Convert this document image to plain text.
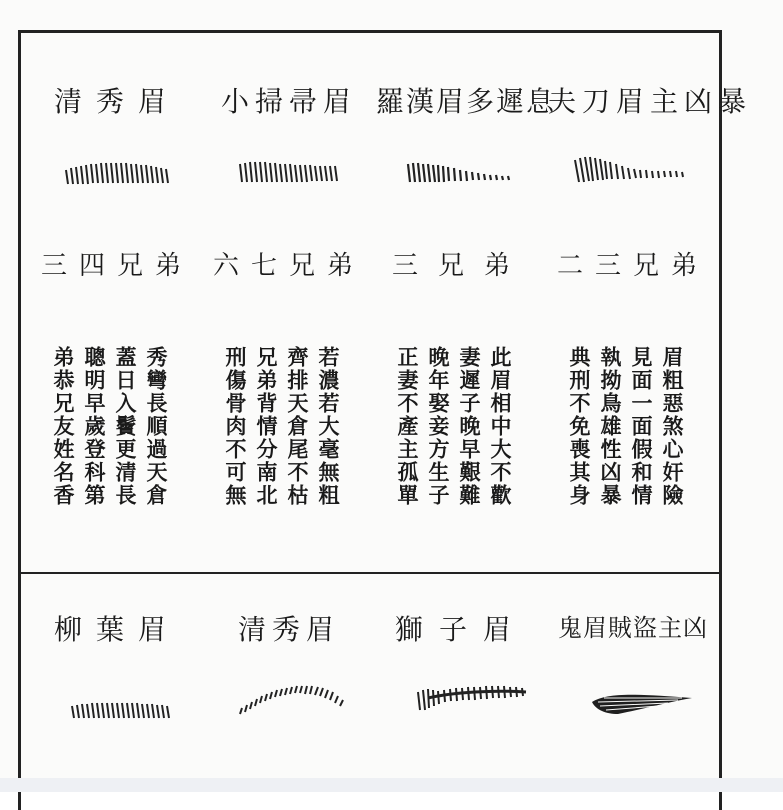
夫刀眉主凶暴
二三兄弟
眉粗惡煞心奸險
見面一面假和情
執拗鳥雄性凶暴
典刑不免喪其身
羅漢眉多遲息
三兄弟
此眉相中大不歡
妻遲子晚早艱難
晚年娶妾方生子
正妻不產主孤單
小掃帚眉
六七兄弟
若濃若大毫無粗
齊排天倉尾不枯
兄弟背情分南北
刑傷骨肉不可無
清秀眉
三四兄弟
秀彎長順過天倉
蓋日入鬢更清長
聰明早歲登科第
弟恭兄友姓名香
鬼眉賊盜主凶
獅子眉
清秀眉
柳葉眉
